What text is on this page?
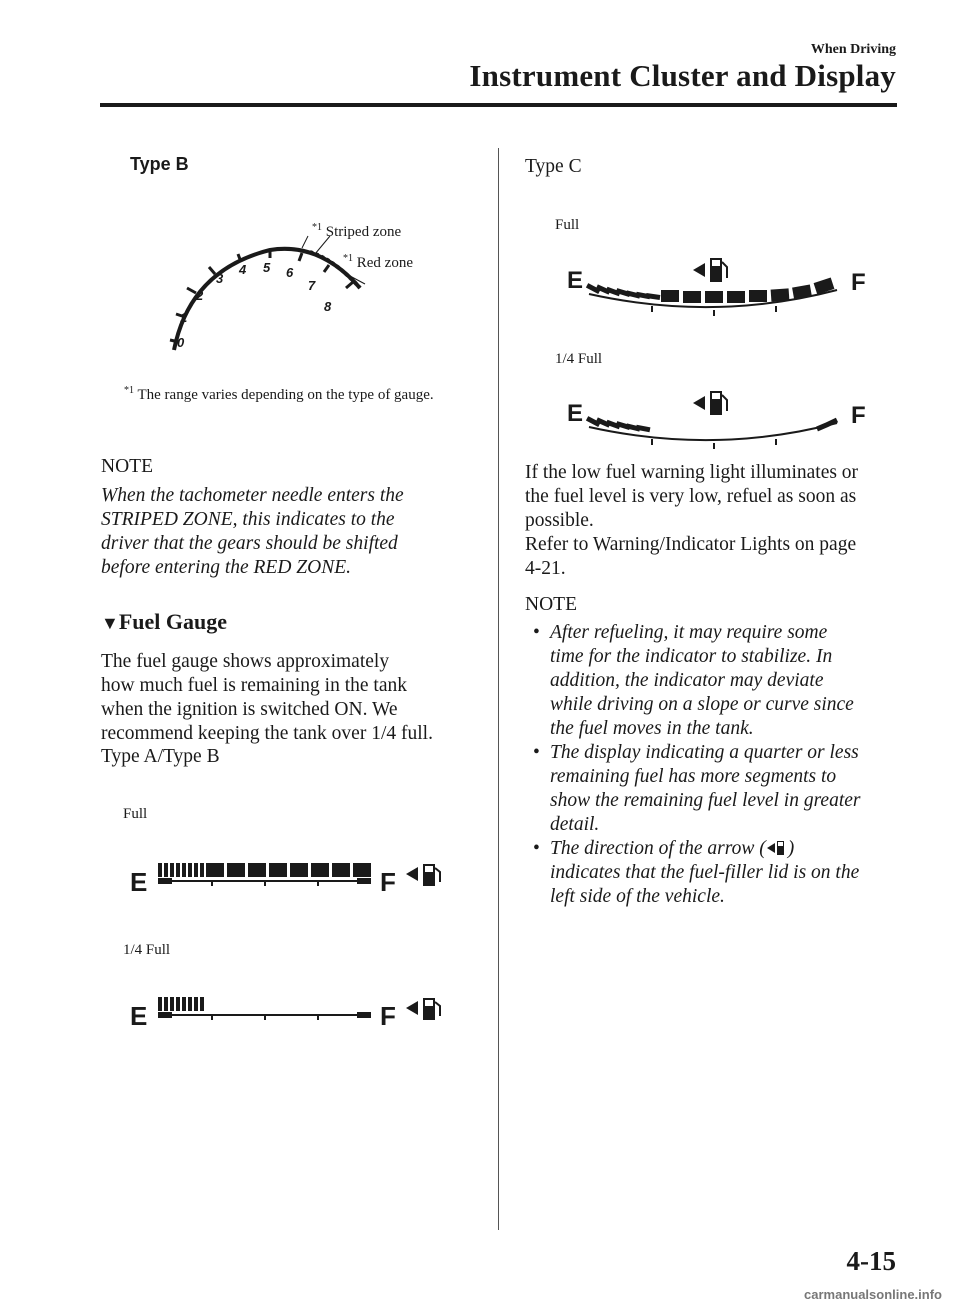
When Driving
Instrument Cluster and Display
Type B
0
1
2
3
4 5 6
7
8
$^{*1}$ Striped zone
$^{*1}$ Red zone
$^{*1}$ The range varies depending on the type of gauge.
NOTE
When the tachometer needle enters the
STRIPED ZONE, this indicates to the
driver that the gears should be shifted
before entering the RED ZONE.
▼Fuel Gauge
The fuel gauge shows approximately
how much fuel is remaining in the tank
when the ignition is switched ON. We
recommend keeping the tank over 1/4 full.
Type A/Type B
Full
E	F
1/4 Full
E	F
Type C
Full
E	F
1/4 Full
E	F
If the low fuel warning light illuminates or
the fuel level is very low, refuel as soon as
possible.
Refer to Warning/Indicator Lights on page
4-21.
NOTE
• After refueling, it may require some
time for the indicator to stabilize. In
addition, the indicator may deviate
while driving on a slope or curve since
the fuel moves in the tank.
• The display indicating a quarter or less
remaining fuel has more segments to
show the remaining fuel level in greater
detail.
• The direction of the arrow ( )
indicates that the fuel-filler lid is on the
left side of the vehicle.
4-15
carmanualsonline.info
